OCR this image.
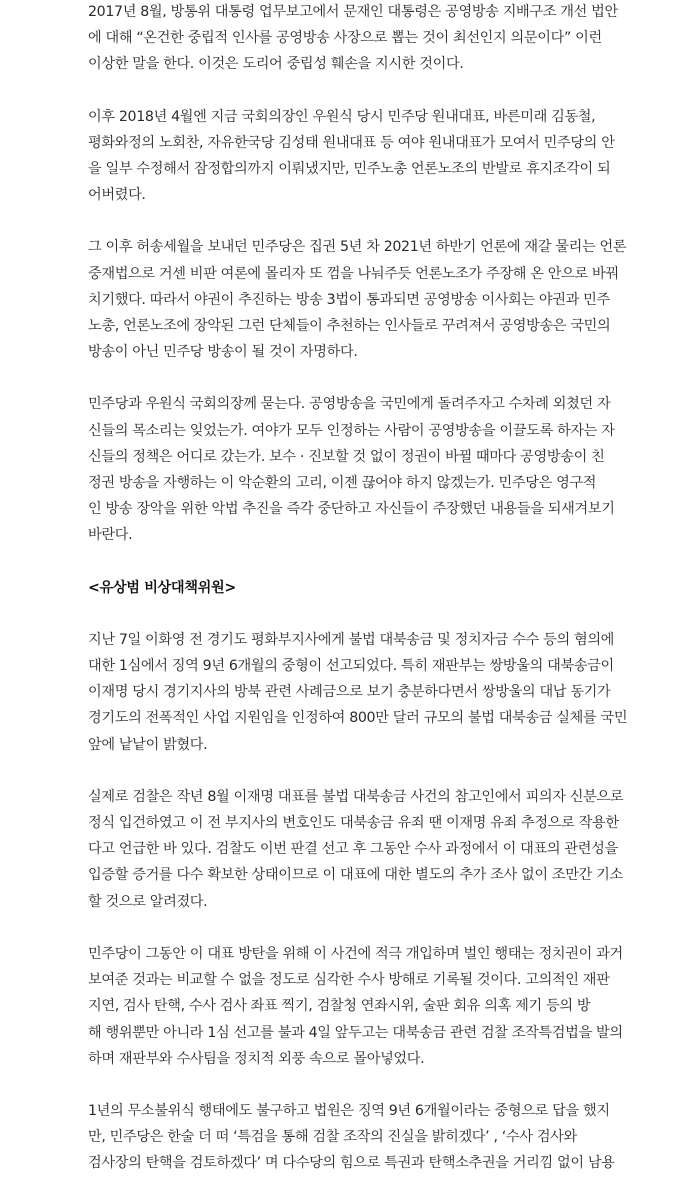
2017년 8월, 방통위 대통령 업무보고에서 문재인 대통령은 공영방송 지배구조 개선 법안
에 대해 “온건한 중립적 인사를 공영방송 사장으로 뽑는 것이 최선인지 의문이다” 이런
이상한 말을 한다. 이것은 도리어 중립성 훼손을 지시한 것이다.

이후 2018년 4월엔 지금 국회의장인 우원식 당시 민주당 원내대표, 바른미래 김동철,
평화와정의 노회찬, 자유한국당 김성태 원내대표 등 여야 원내대표가 모여서 민주당의 안
을 일부 수정해서 잠정합의까지 이뤄냈지만, 민주노총 언론노조의 반발로 휴지조각이 되
어버렸다.

그 이후 허송세월을 보내던 민주당은 집권 5년 차 2021년 하반기 언론에 재갈 물리는 언론
중재법으로 거센 비판 여론에 몰리자 또 껌을 나눠주듯 언론노조가 주장해 온 안으로 바꿔
치기했다. 따라서 야권이 추진하는 방송 3법이 통과되면 공영방송 이사회는 야권과 민주
노총, 언론노조에 장악된 그런 단체들이 추천하는 인사들로 꾸려져서 공영방송은 국민의
방송이 아닌 민주당 방송이 될 것이 자명하다.

민주당과 우원식 국회의장께 묻는다. 공영방송을 국민에게 돌려주자고 수차례 외쳤던 자
신들의 목소리는 잊었는가. 여야가 모두 인정하는 사람이 공영방송을 이끌도록 하자는 자
신들의 정책은 어디로 갔는가. 보수 · 진보할 것 없이 정권이 바뀔 때마다 공영방송이 친
정권 방송을 자행하는 이 악순환의 고리, 이젠 끊어야 하지 않겠는가. 민주당은 영구적
인 방송 장악을 위한 악법 추진을 즉각 중단하고 자신들이 주장했던 내용들을 되새겨보기
바란다.

<유상범 비상대책위원>

지난 7일 이화영 전 경기도 평화부지사에게 불법 대북송금 및 정치자금 수수 등의 혐의에
대한 1심에서 징역 9년 6개월의 중형이 선고되었다. 특히 재판부는 쌍방울의 대북송금이
이재명 당시 경기지사의 방북 관련 사례금으로 보기 충분하다면서 쌍방울의 대납 동기가
경기도의 전폭적인 사업 지원임을 인정하여 800만 달러 규모의 불법 대북송금 실체를 국민
앞에 낱낱이 밝혔다.

실제로 검찰은 작년 8월 이재명 대표를 불법 대북송금 사건의 참고인에서 피의자 신분으로
정식 입건하였고 이 전 부지사의 변호인도 대북송금 유죄 땐 이재명 유죄 추정으로 작용한
다고 언급한 바 있다. 검찰도 이번 판결 선고 후 그동안 수사 과정에서 이 대표의 관련성을
입증할 증거를 다수 확보한 상태이므로 이 대표에 대한 별도의 추가 조사 없이 조만간 기소
할 것으로 알려졌다.

민주당이 그동안 이 대표 방탄을 위해 이 사건에 적극 개입하며 벌인 행태는 정치권이 과거
보여준 것과는 비교할 수 없을 정도로 심각한 수사 방해로 기록될 것이다. 고의적인 재판
지연, 검사 탄핵, 수사 검사 좌표 찍기, 검찰청 연좌시위, 술판 회유 의혹 제기 등의 방
해 행위뿐만 아니라 1심 선고를 불과 4일 앞두고는 대북송금 관련 검찰 조작특검법을 발의
하며 재판부와 수사팀을 정치적 외풍 속으로 몰아넣었다.

1년의 무소불위식 행태에도 불구하고 법원은 징역 9년 6개월이라는 중형으로 답을 했지
만, 민주당은 한술 더 떠 ‘특검을 통해 검찰 조작의 진실을 밝히겠다’ , ‘수사 검사와
검사장의 탄핵을 검토하겠다’ 며 다수당의 힘으로 특권과 탄핵소추권을 거리낌 없이 남용
